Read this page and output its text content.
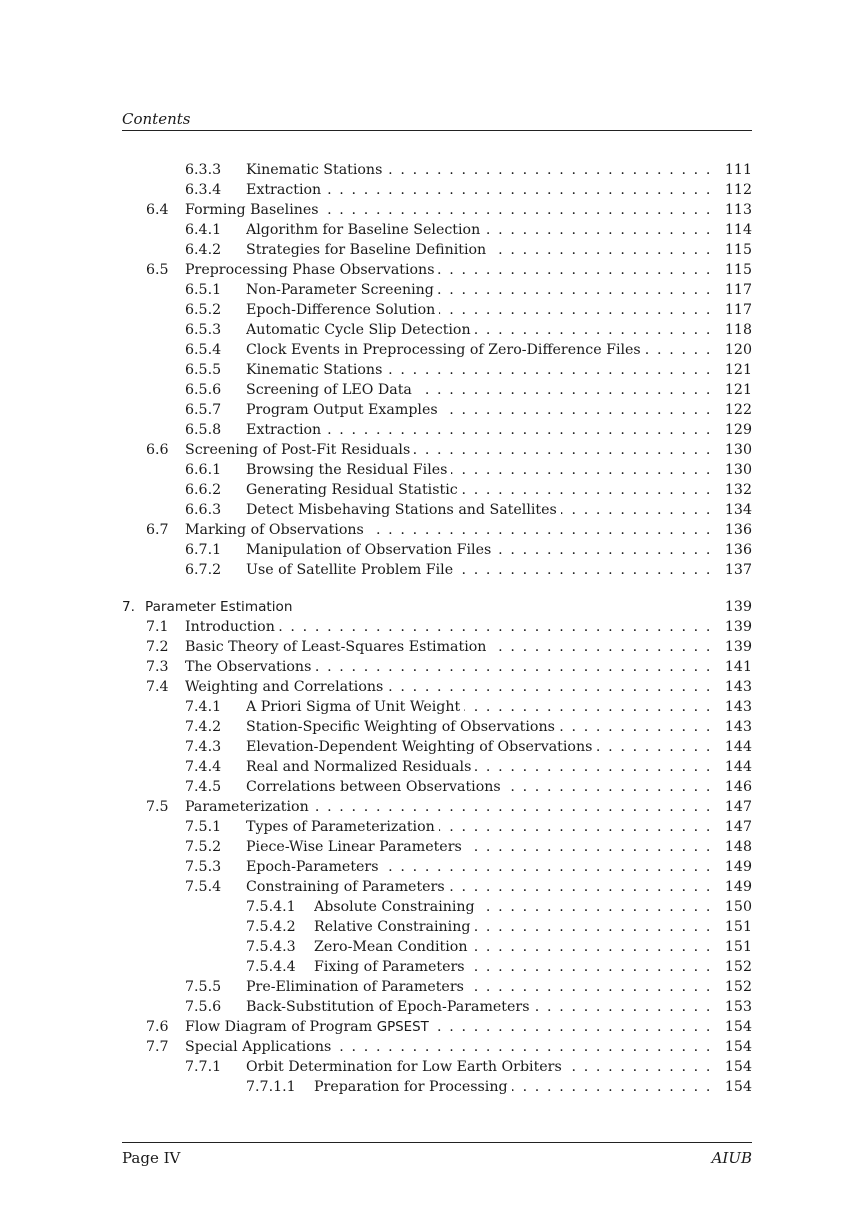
Contents
6.3.3 Kinematic Stations . . .	111
6.3.4 Extraction . . .	112
6.4 Forming Baselines . . .	113
6.4.1 Algorithm for Baseline Selection . . .	114
6.4.2 Strategies for Baseline Definition . . .	115
6.5 Preprocessing Phase Observations . . .	115
6.5.1 Non-Parameter Screening . . .	117
6.5.2 Epoch-Difference Solution . . .	117
6.5.3 Automatic Cycle Slip Detection . . .	118
6.5.4 Clock Events in Preprocessing of Zero-Difference Files . . .	120
6.5.5 Kinematic Stations . . .	121
6.5.6 Screening of LEO Data . . .	121
6.5.7 Program Output Examples . . .	122
6.5.8 Extraction . . .	129
6.6 Screening of Post-Fit Residuals . . .	130
6.6.1 Browsing the Residual Files . . .	130
6.6.2 Generating Residual Statistic . . .	132
6.6.3 Detect Misbehaving Stations and Satellites . . .	134
6.7 Marking of Observations . . .	136
6.7.1 Manipulation of Observation Files . . .	136
6.7.2 Use of Satellite Problem File . . .	137
7. Parameter Estimation	139
7.1 Introduction . . .	139
7.2 Basic Theory of Least-Squares Estimation . . .	139
7.3 The Observations . . .	141
7.4 Weighting and Correlations . . .	143
7.4.1 A Priori Sigma of Unit Weight . . .	143
7.4.2 Station-Specific Weighting of Observations . . .	143
7.4.3 Elevation-Dependent Weighting of Observations . . .	144
7.4.4 Real and Normalized Residuals . . .	144
7.4.5 Correlations between Observations . . .	146
7.5 Parameterization . . .	147
7.5.1 Types of Parameterization . . .	147
7.5.2 Piece-Wise Linear Parameters . . .	148
7.5.3 Epoch-Parameters . . .	149
7.5.4 Constraining of Parameters . . .	149
7.5.4.1 Absolute Constraining . . .	150
7.5.4.2 Relative Constraining . . .	151
7.5.4.3 Zero-Mean Condition . . .	151
7.5.4.4 Fixing of Parameters . . .	152
7.5.5 Pre-Elimination of Parameters . . .	152
7.5.6 Back-Substitution of Epoch-Parameters . . .	153
7.6 Flow Diagram of Program GPSEST . . .	154
7.7 Special Applications . . .	154
7.7.1 Orbit Determination for Low Earth Orbiters . . .	154
7.7.1.1 Preparation for Processing . . .	154
Page IV	AIUB
